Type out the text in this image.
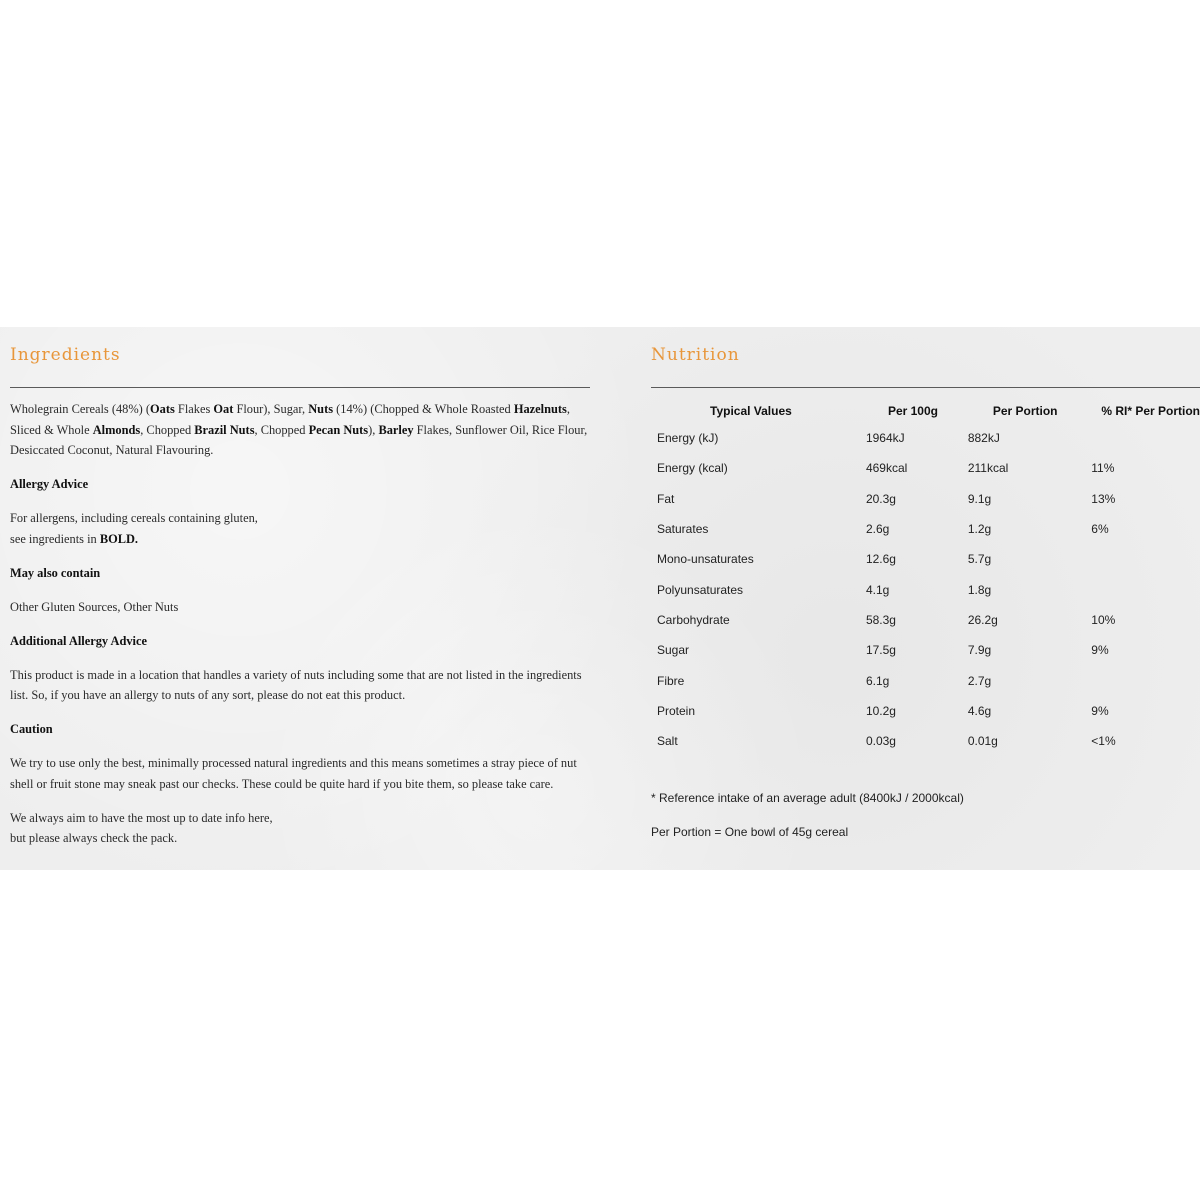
Ingredients

Wholegrain Cereals (48%) (Oats Flakes Oat Flour), Sugar, Nuts (14%) (Chopped & Whole Roasted Hazelnuts, Sliced & Whole Almonds, Chopped Brazil Nuts, Chopped Pecan Nuts), Barley Flakes, Sunflower Oil, Rice Flour, Desiccated Coconut, Natural Flavouring.

Allergy Advice

For allergens, including cereals containing gluten,
see ingredients in BOLD.

May also contain

Other Gluten Sources, Other Nuts

Additional Allergy Advice

This product is made in a location that handles a variety of nuts including some that are not listed in the ingredients list. So, if you have an allergy to nuts of any sort, please do not eat this product.

Caution

We try to use only the best, minimally processed natural ingredients and this means sometimes a stray piece of nut shell or fruit stone may sneak past our checks. These could be quite hard if you bite them, so please take care.

We always aim to have the most up to date info here,
but please always check the pack.

Nutrition
Typical Values	Per 100g	Per Portion	% RI* Per Portion
Energy (kJ)	1964kJ	882kJ	
Energy (kcal)	469kcal	211kcal	11%
Fat	20.3g	9.1g	13%
Saturates	2.6g	1.2g	6%
Mono-unsaturates	12.6g	5.7g	
Polyunsaturates	4.1g	1.8g	
Carbohydrate	58.3g	26.2g	10%
Sugar	17.5g	7.9g	9%
Fibre	6.1g	2.7g	
Protein	10.2g	4.6g	9%
Salt	0.03g	0.01g	<1%

* Reference intake of an average adult (8400kJ / 2000kcal)

Per Portion = One bowl of 45g cereal
